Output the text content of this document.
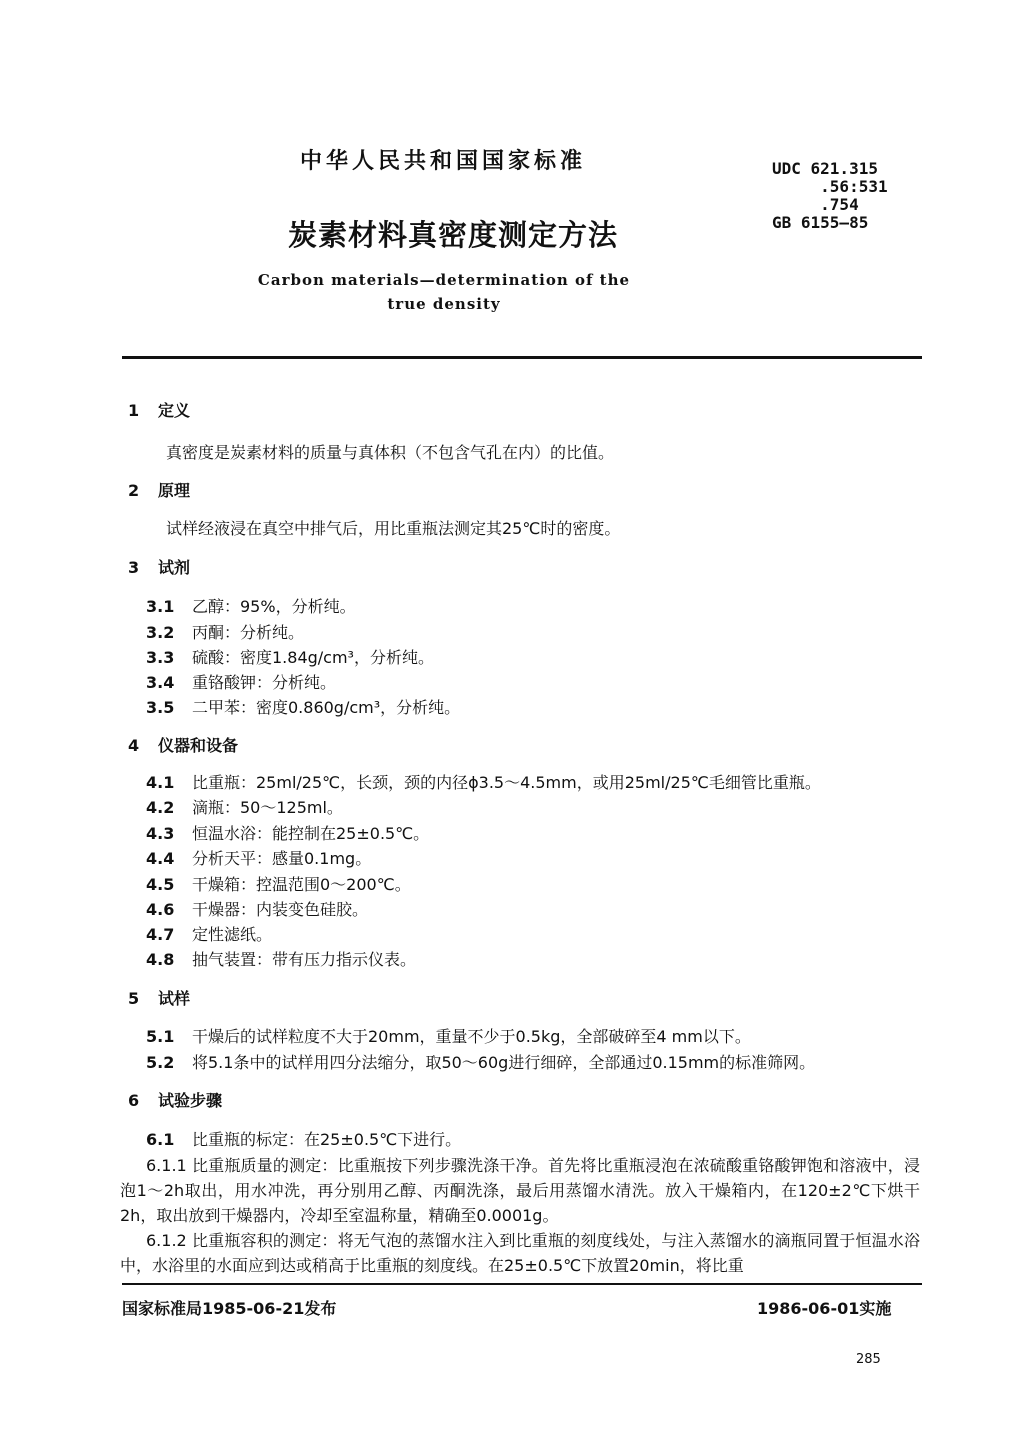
中华人民共和国国家标准
炭素材料真密度测定方法
Carbon materials—determination of the
true density
UDC 621.315
.56:531
.754
GB 6155—85
1 定义
真密度是炭素材料的质量与真体积（不包含气孔在内）的比值。
2 原理
试样经液浸在真空中排气后，用比重瓶法测定其25℃时的密度。
3 试剂
3.1 乙醇：95%，分析纯。
3.2 丙酮：分析纯。
3.3 硫酸：密度1.84g/cm³，分析纯。
3.4 重铬酸钾：分析纯。
3.5 二甲苯：密度0.860g/cm³，分析纯。
4 仪器和设备
4.1 比重瓶：25ml/25℃，长颈，颈的内径ϕ3.5～4.5mm，或用25ml/25℃毛细管比重瓶。
4.2 滴瓶：50～125ml。
4.3 恒温水浴：能控制在25±0.5℃。
4.4 分析天平：感量0.1mg。
4.5 干燥箱：控温范围0～200℃。
4.6 干燥器：内装变色硅胶。
4.7 定性滤纸。
4.8 抽气装置：带有压力指示仪表。
5 试样
5.1 干燥后的试样粒度不大于20mm，重量不少于0.5kg，全部破碎至4 mm以下。
5.2 将5.1条中的试样用四分法缩分，取50～60g进行细碎，全部通过0.15mm的标准筛网。
6 试验步骤
6.1 比重瓶的标定：在25±0.5℃下进行。
6.1.1 比重瓶质量的测定：比重瓶按下列步骤洗涤干净。首先将比重瓶浸泡在浓硫酸重铬酸钾饱和溶液中，浸泡1～2h取出，用水冲洗，再分别用乙醇、丙酮洗涤，最后用蒸馏水清洗。放入干燥箱内，在120±2℃下烘干2h，取出放到干燥器内，冷却至室温称量，精确至0.0001g。
6.1.2 比重瓶容积的测定：将无气泡的蒸馏水注入到比重瓶的刻度线处，与注入蒸馏水的滴瓶同置于恒温水浴中，水浴里的水面应到达或稍高于比重瓶的刻度线。在25±0.5℃下放置20min，将比重
国家标准局1985-06-21发布	1986-06-01实施
285
